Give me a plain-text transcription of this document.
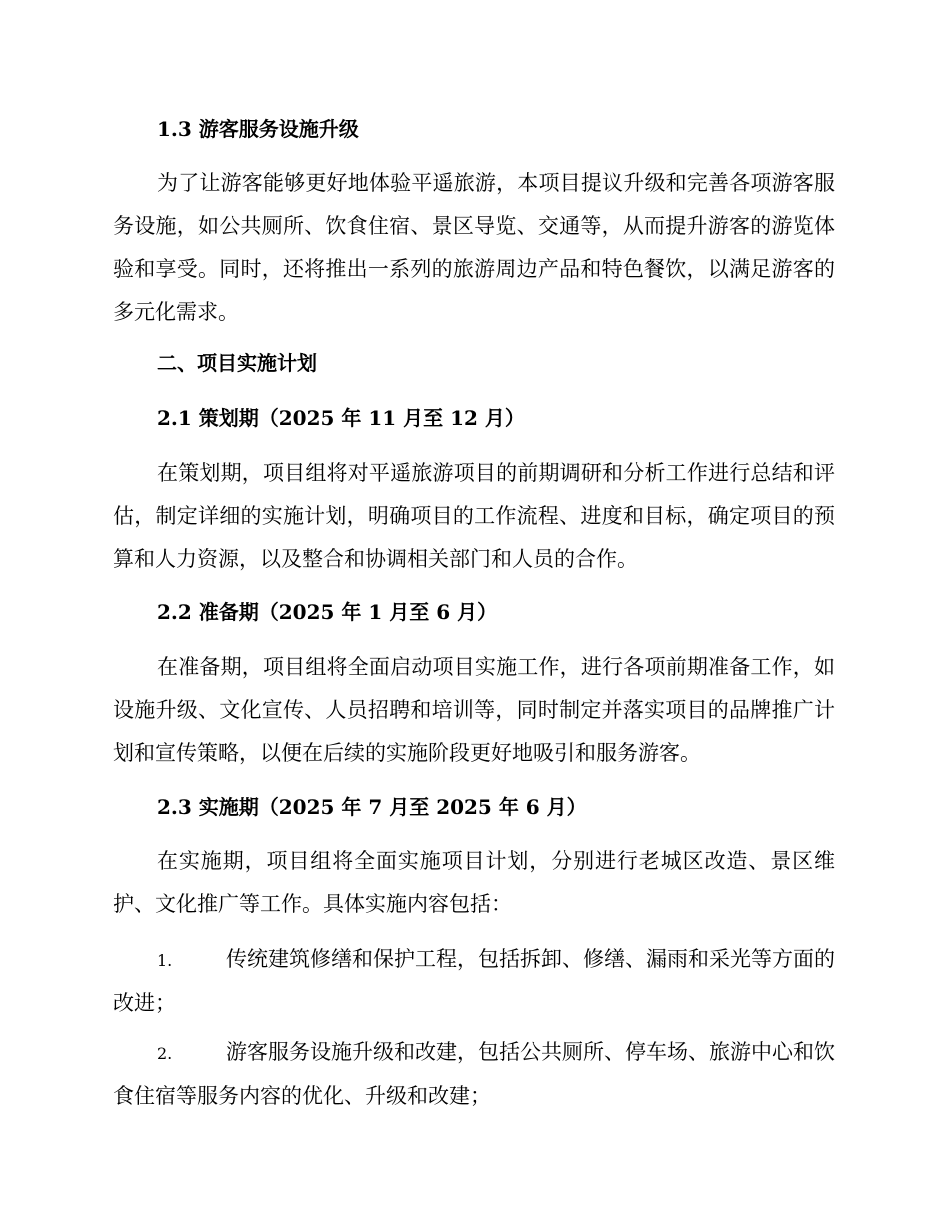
1.3 游客服务设施升级

为了让游客能够更好地体验平遥旅游，本项目提议升级和完善各项游客服务设施，如公共厕所、饮食住宿、景区导览、交通等，从而提升游客的游览体验和享受。同时，还将推出一系列的旅游周边产品和特色餐饮，以满足游客的多元化需求。

二、项目实施计划
2.1 策划期（2025 年 11 月至 12 月）

在策划期，项目组将对平遥旅游项目的前期调研和分析工作进行总结和评估，制定详细的实施计划，明确项目的工作流程、进度和目标，确定项目的预算和人力资源，以及整合和协调相关部门和人员的合作。

2.2 准备期（2025 年 1 月至 6 月）

在准备期，项目组将全面启动项目实施工作，进行各项前期准备工作，如设施升级、文化宣传、人员招聘和培训等，同时制定并落实项目的品牌推广计划和宣传策略，以便在后续的实施阶段更好地吸引和服务游客。

2.3 实施期（2025 年 7 月至 2025 年 6 月）

在实施期，项目组将全面实施项目计划，分别进行老城区改造、景区维护、文化推广等工作。具体实施内容包括：

1.	传统建筑修缮和保护工程，包括拆卸、修缮、漏雨和采光等方面的改进；

2.	游客服务设施升级和改建，包括公共厕所、停车场、旅游中心和饮食住宿等服务内容的优化、升级和改建；
